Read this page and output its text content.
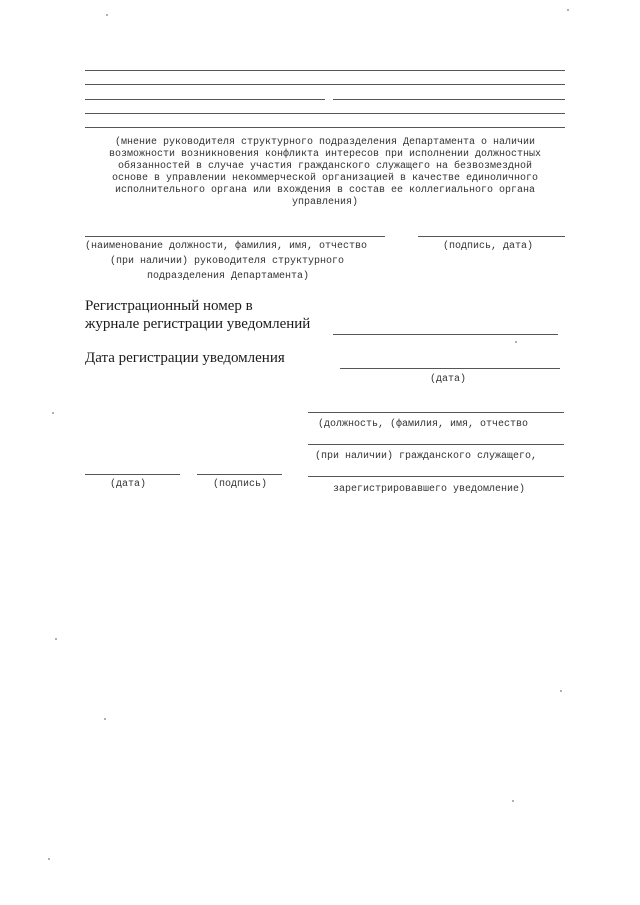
(мнение руководителя структурного подразделения Департамента о наличии
возможности возникновения конфликта интересов при исполнении должностных
обязанностей в случае участия гражданского служащего на безвозмездной
основе в управлении некоммерческой организацией в качестве единоличного
исполнительного органа или вхождения в состав ее коллегиального органа
управления)
(наименование должности, фамилия, имя, отчество
(при наличии) руководителя структурного
подразделения Департамента)
(подпись, дата)
Регистрационный номер в
журнале регистрации уведомлений
Дата регистрации уведомления
(дата)
(должность, (фамилия, имя, отчество
(при наличии) гражданского служащего,
(дата)	(подпись)	зарегистрировавшего уведомление)
